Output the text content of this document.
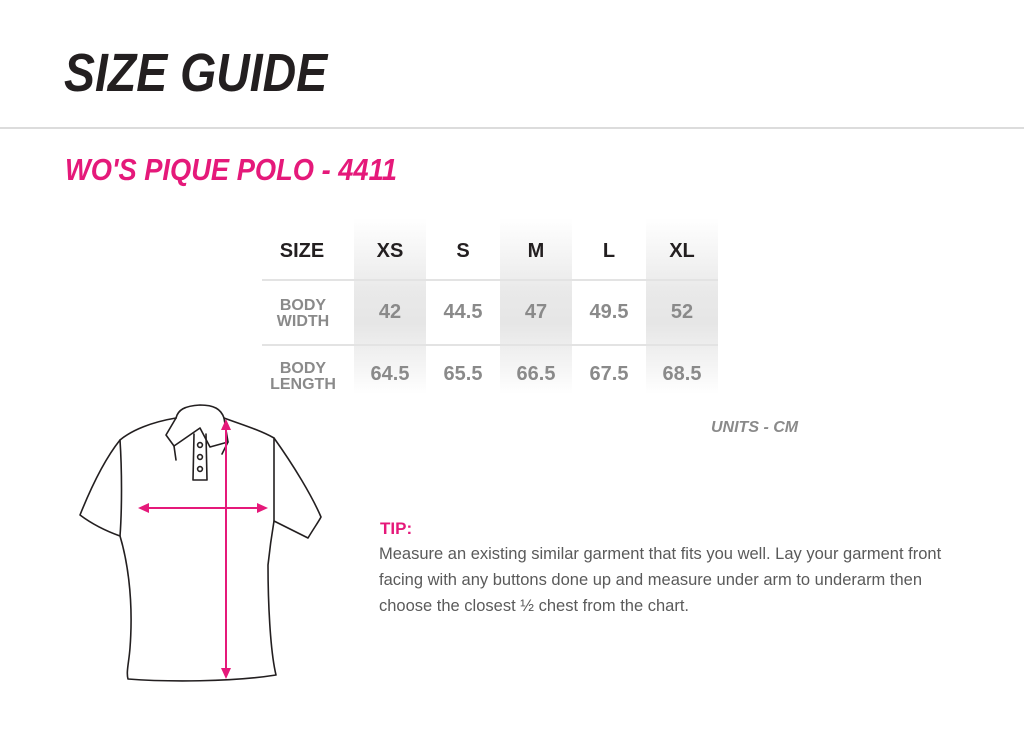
SIZE GUIDE
WO'S PIQUE POLO - 4411
SIZE	XS	S	M	L	XL
BODY
WIDTH	42	44.5	47	49.5	52
BODY
LENGTH	64.5	65.5	66.5	67.5	68.5
UNITS - CM
TIP:
Measure an existing similar garment that fits you well. Lay your garment front facing with any buttons done up and measure under arm to underarm then choose the closest ½ chest from the chart.
